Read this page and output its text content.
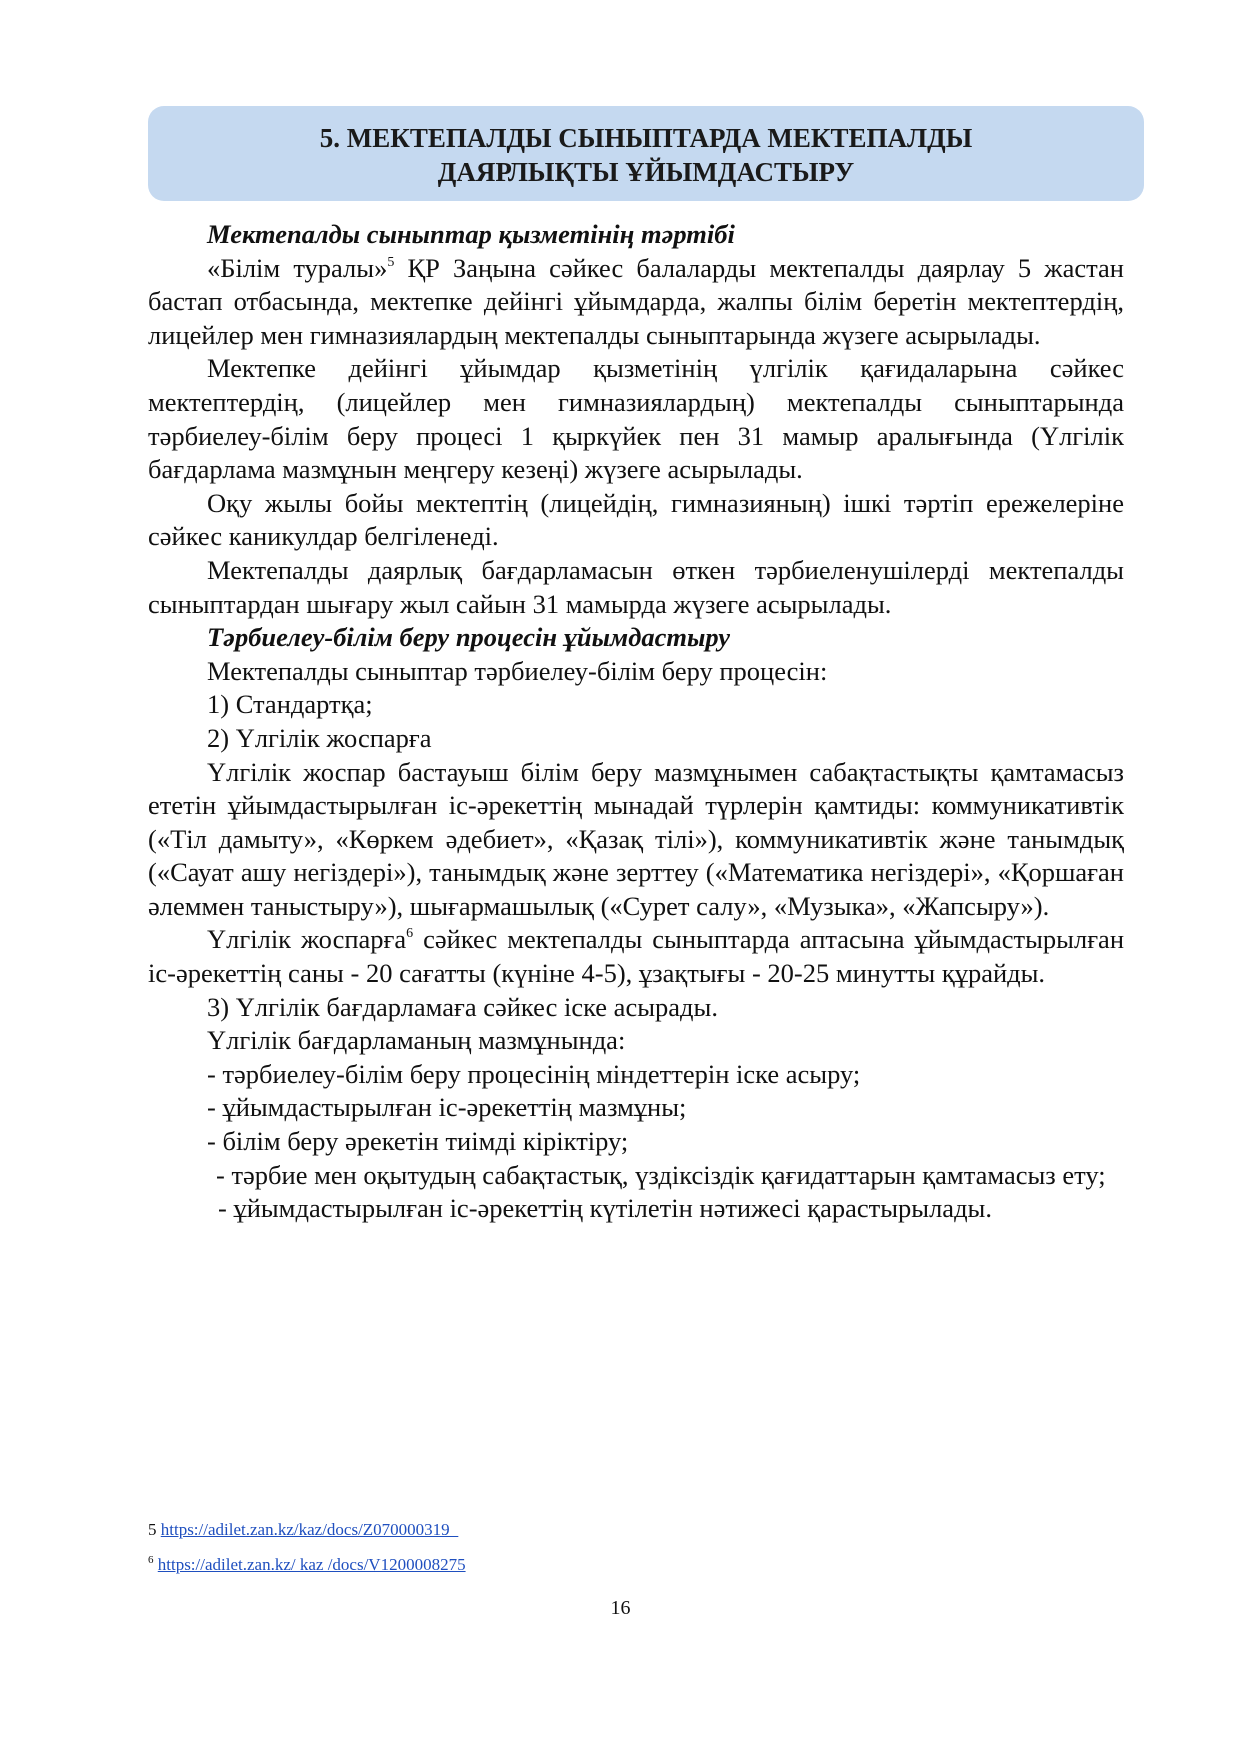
5. МЕКТЕПАЛДЫ СЫНЫПТАРДА МЕКТЕПАЛДЫ
ДАЯРЛЫҚТЫ ҰЙЫМДАСТЫРУ

Мектепалды сыныптар қызметінің тәртібі

«Білім туралы»$^5$ ҚР Заңына сәйкес балаларды мектепалды даярлау 5 жастан бастап отбасында, мектепке дейінгі ұйымдарда, жалпы білім беретін мектептердің, лицейлер мен гимназиялардың мектепалды сыныптарында жүзеге асырылады.

Мектепке дейінгі ұйымдар қызметінің үлгілік қағидаларына сәйкес мектептердің, (лицейлер мен гимназиялардың) мектепалды сыныптарында тәрбиелеу-білім беру процесі 1 қыркүйек пен 31 мамыр аралығында (Үлгілік бағдарлама мазмұнын меңгеру кезеңі) жүзеге асырылады.

Оқу жылы бойы мектептің (лицейдің, гимназияның) ішкі тәртіп ережелеріне сәйкес каникулдар белгіленеді.

Мектепалды даярлық бағдарламасын өткен тәрбиеленушілерді мектепалды сыныптардан шығару жыл сайын 31 мамырда жүзеге асырылады.

Тәрбиелеу-білім беру процесін ұйымдастыру

Мектепалды сыныптар тәрбиелеу-білім беру процесін:

1) Стандартқа;

2) Үлгілік жоспарға

Үлгілік жоспар бастауыш білім беру мазмұнымен сабақтастықты қамтамасыз ететін ұйымдастырылған іс-әрекеттің мынадай түрлерін қамтиды: коммуникативтік («Тіл дамыту», «Көркем әдебиет», «Қазақ тілі»), коммуникативтік және танымдық («Сауат ашу негіздері»), танымдық және зерттеу («Математика негіздері», «Қоршаған әлеммен таныстыру»), шығармашылық («Сурет салу», «Музыка», «Жапсыру»).

Үлгілік жоспарға$^6$ сәйкес мектепалды сыныптарда аптасына ұйымдастырылған іс-әрекеттің саны - 20 сағатты (күніне 4-5), ұзақтығы - 20-25 минутты құрайды.

3) Үлгілік бағдарламаға сәйкес іске асырады.

Үлгілік бағдарламаның мазмұнында:

- тәрбиелеу-білім беру процесінің міндеттерін іске асыру;

- ұйымдастырылған іс-әрекеттің мазмұны;

- білім беру әрекетін тиімді кіріктіру;

- тәрбие мен оқытудың сабақтастық, үздіксіздік қағидаттарын қамтамасыз ету;

- ұйымдастырылған іс-әрекеттің күтілетін нәтижесі қарастырылады.

5 https://adilet.zan.kz/kaz/docs/Z070000319_
$^6$ https://adilet.zan.kz/ kaz /docs/V1200008275
16
